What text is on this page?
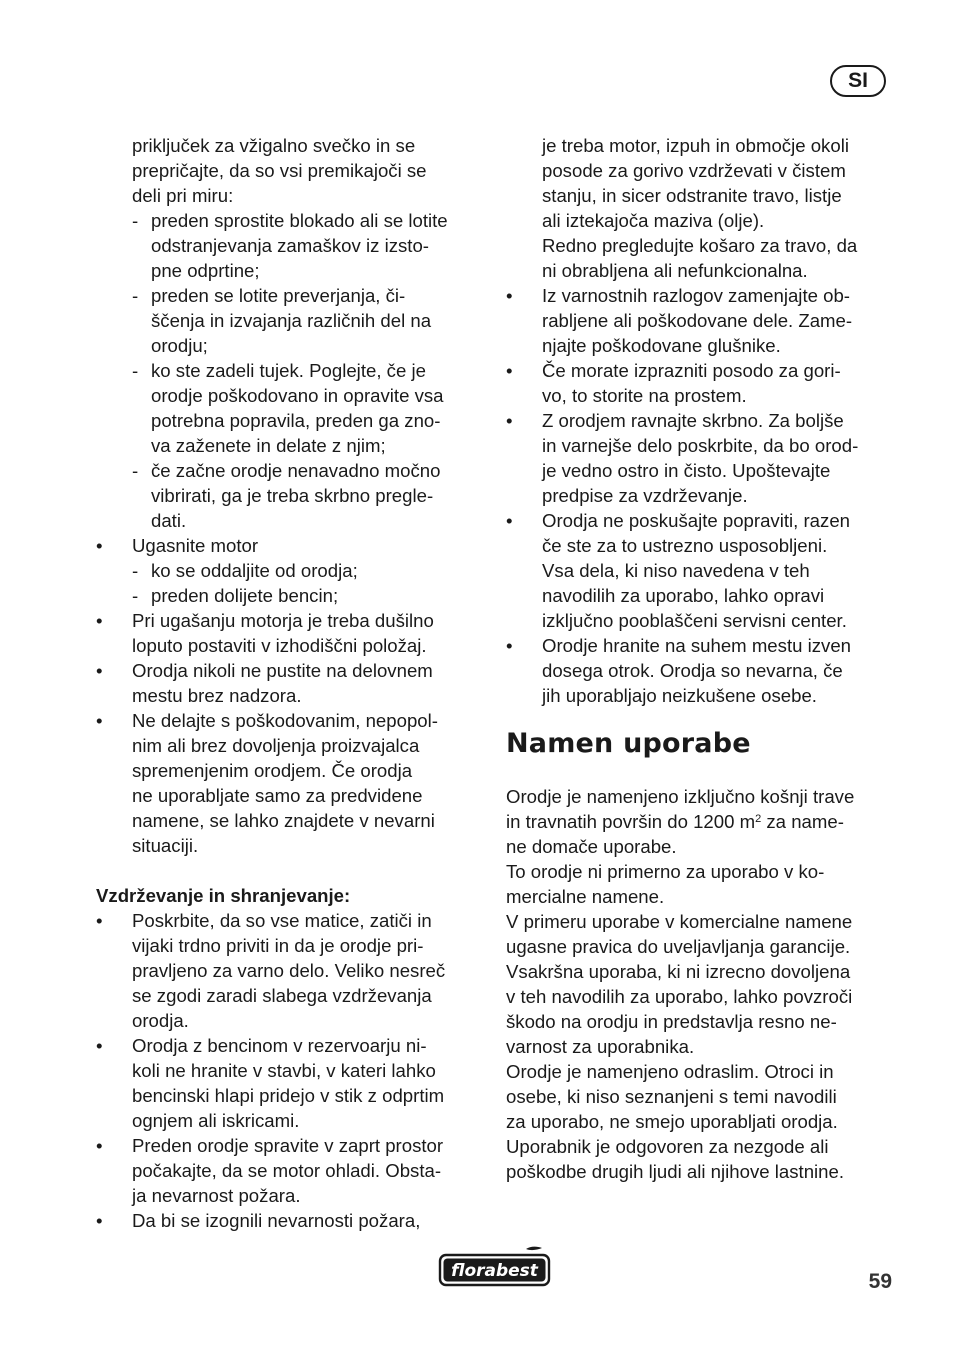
SI
priključek za vžigalno svečko in se
prepričajte, da so vsi premikajoči se
deli pri miru:
- preden sprostite blokado ali se lotite
odstranjevanja zamaškov iz izsto-
pne odprtine;
- preden se lotite preverjanja, či-
ščenja in izvajanja različnih del na
orodju;
- ko ste zadeli tujek. Poglejte, če je
orodje poškodovano in opravite vsa
potrebna popravila, preden ga zno-
va zaženete in delate z njim;
- če začne orodje nenavadno močno
vibrirati, ga je treba skrbno pregle-
dati.
•	Ugasnite motor
- ko se oddaljite od orodja;
- preden dolijete bencin;
•	Pri ugašanju motorja je treba dušilno
loputo postaviti v izhodiščni položaj.
•	Orodja nikoli ne pustite na delovnem
mestu brez nadzora.
•	Ne delajte s poškodovanim, nepopol-
nim ali brez dovoljenja proizvajalca
spremenjenim orodjem. Če orodja
ne uporabljate samo za predvidene
namene, se lahko znajdete v nevarni
situaciji.
Vzdrževanje in shranjevanje:
•	Poskrbite, da so vse matice, zatiči in
vijaki trdno priviti in da je orodje pri-
pravljeno za varno delo. Veliko nesreč
se zgodi zaradi slabega vzdrževanja
orodja.
•	Orodja z bencinom v rezervoarju ni-
koli ne hranite v stavbi, v kateri lahko
bencinski hlapi pridejo v stik z odprtim
ognjem ali iskricami.
•	Preden orodje spravite v zaprt prostor
počakajte, da se motor ohladi. Obsta-
ja nevarnost požara.
•	Da bi se izognili nevarnosti požara,
je treba motor, izpuh in območje okoli
posode za gorivo vzdrževati v čistem
stanju, in sicer odstranite travo, listje
ali iztekajoča maziva (olje).
Redno pregledujte košaro za travo, da
ni obrabljena ali nefunkcionalna.
•	Iz varnostnih razlogov zamenjajte ob-
rabljene ali poškodovane dele. Zame-
njajte poškodovane glušnike.
•	Če morate izprazniti posodo za gori-
vo, to storite na prostem.
•	Z orodjem ravnajte skrbno. Za boljše
in varnejše delo poskrbite, da bo orod-
je vedno ostro in čisto. Upoštevajte
predpise za vzdrževanje.
•	Orodja ne poskušajte popraviti, razen
če ste za to ustrezno usposobljeni.
Vsa dela, ki niso navedena v teh
navodilih za uporabo, lahko opravi
izključno pooblaščeni servisni center.
•	Orodje hranite na suhem mestu izven
dosega otrok. Orodja so nevarna, če
jih uporabljajo neizkušene osebe.
Namen uporabe
Orodje je namenjeno izključno košnji trave
in travnatih površin do 1200 $m^2$ za name-
ne domače uporabe.
To orodje ni primerno za uporabo v ko-
mercialne namene.
V primeru uporabe v komercialne namene
ugasne pravica do uveljavljanja garancije.
Vsakršna uporaba, ki ni izrecno dovoljena
v teh navodilih za uporabo, lahko povzroči
škodo na orodju in predstavlja resno ne-
varnost za uporabnika.
Orodje je namenjeno odraslim. Otroci in
osebe, ki niso seznanjeni s temi navodili
za uporabo, ne smejo uporabljati orodja.
Uporabnik je odgovoren za nezgode ali
poškodbe drugih ljudi ali njihove lastnine.
florabest	59
